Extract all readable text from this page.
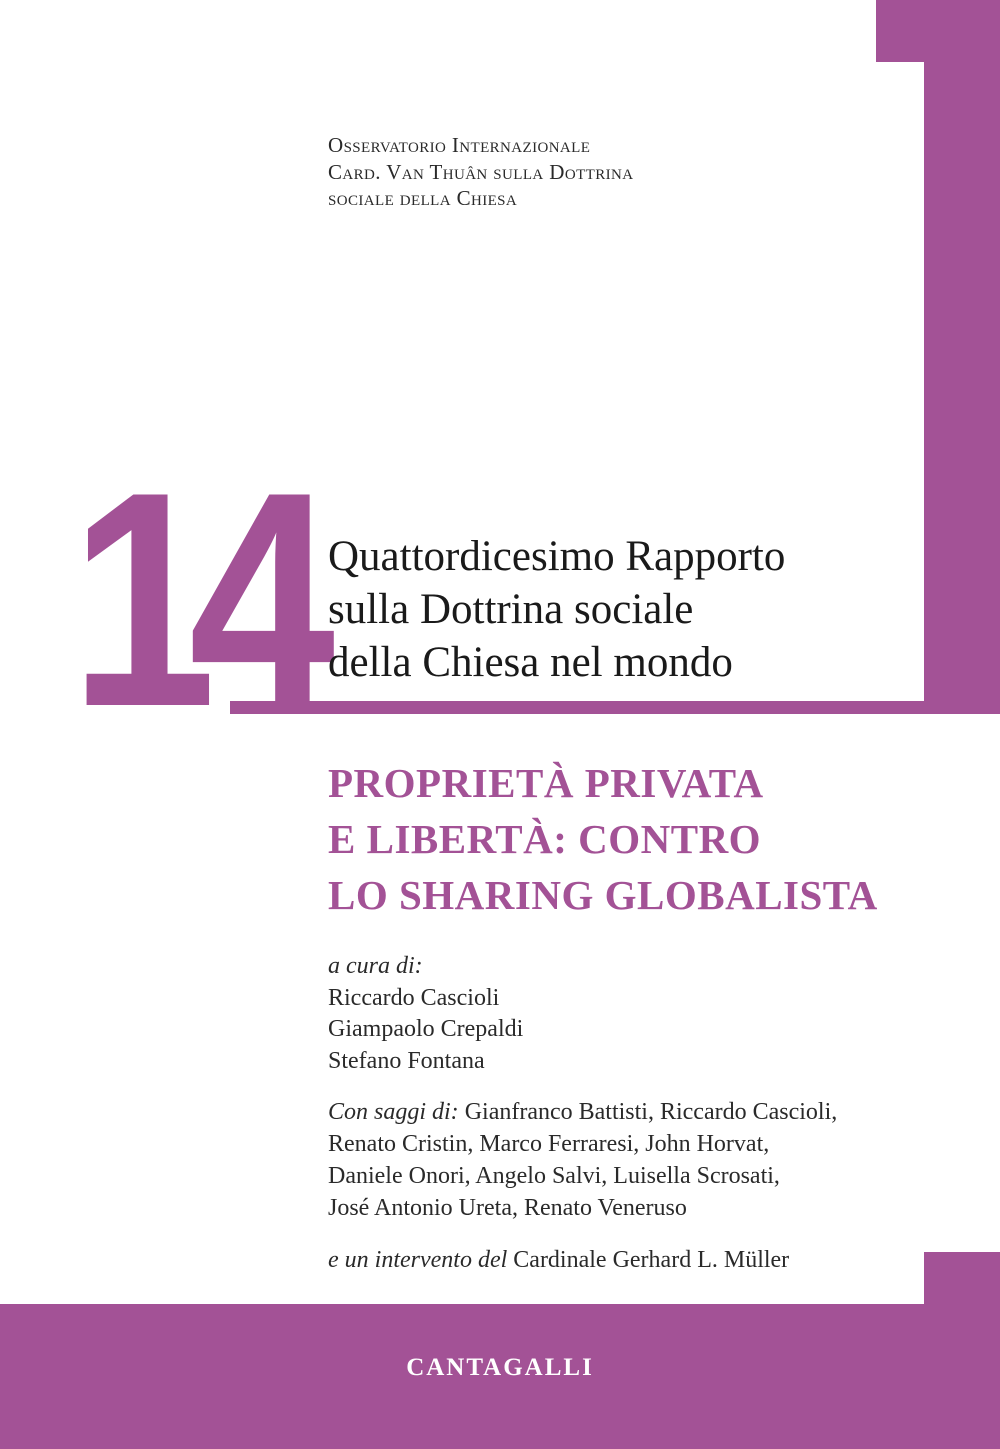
Osservatorio Internazionale
Card. Van Thuân sulla Dottrina
sociale della Chiesa
14 Quattordicesimo Rapporto
sulla Dottrina sociale
della Chiesa nel mondo
PROPRIETÀ PRIVATA
E LIBERTÀ: CONTRO
LO SHARING GLOBALISTA
a cura di:
Riccardo Cascioli
Giampaolo Crepaldi
Stefano Fontana
Con saggi di: Gianfranco Battisti, Riccardo Cascioli,
Renato Cristin, Marco Ferraresi, John Horvat,
Daniele Onori, Angelo Salvi, Luisella Scrosati,
José Antonio Ureta, Renato Veneruso
e un intervento del Cardinale Gerhard L. Müller
CANTAGALLI
